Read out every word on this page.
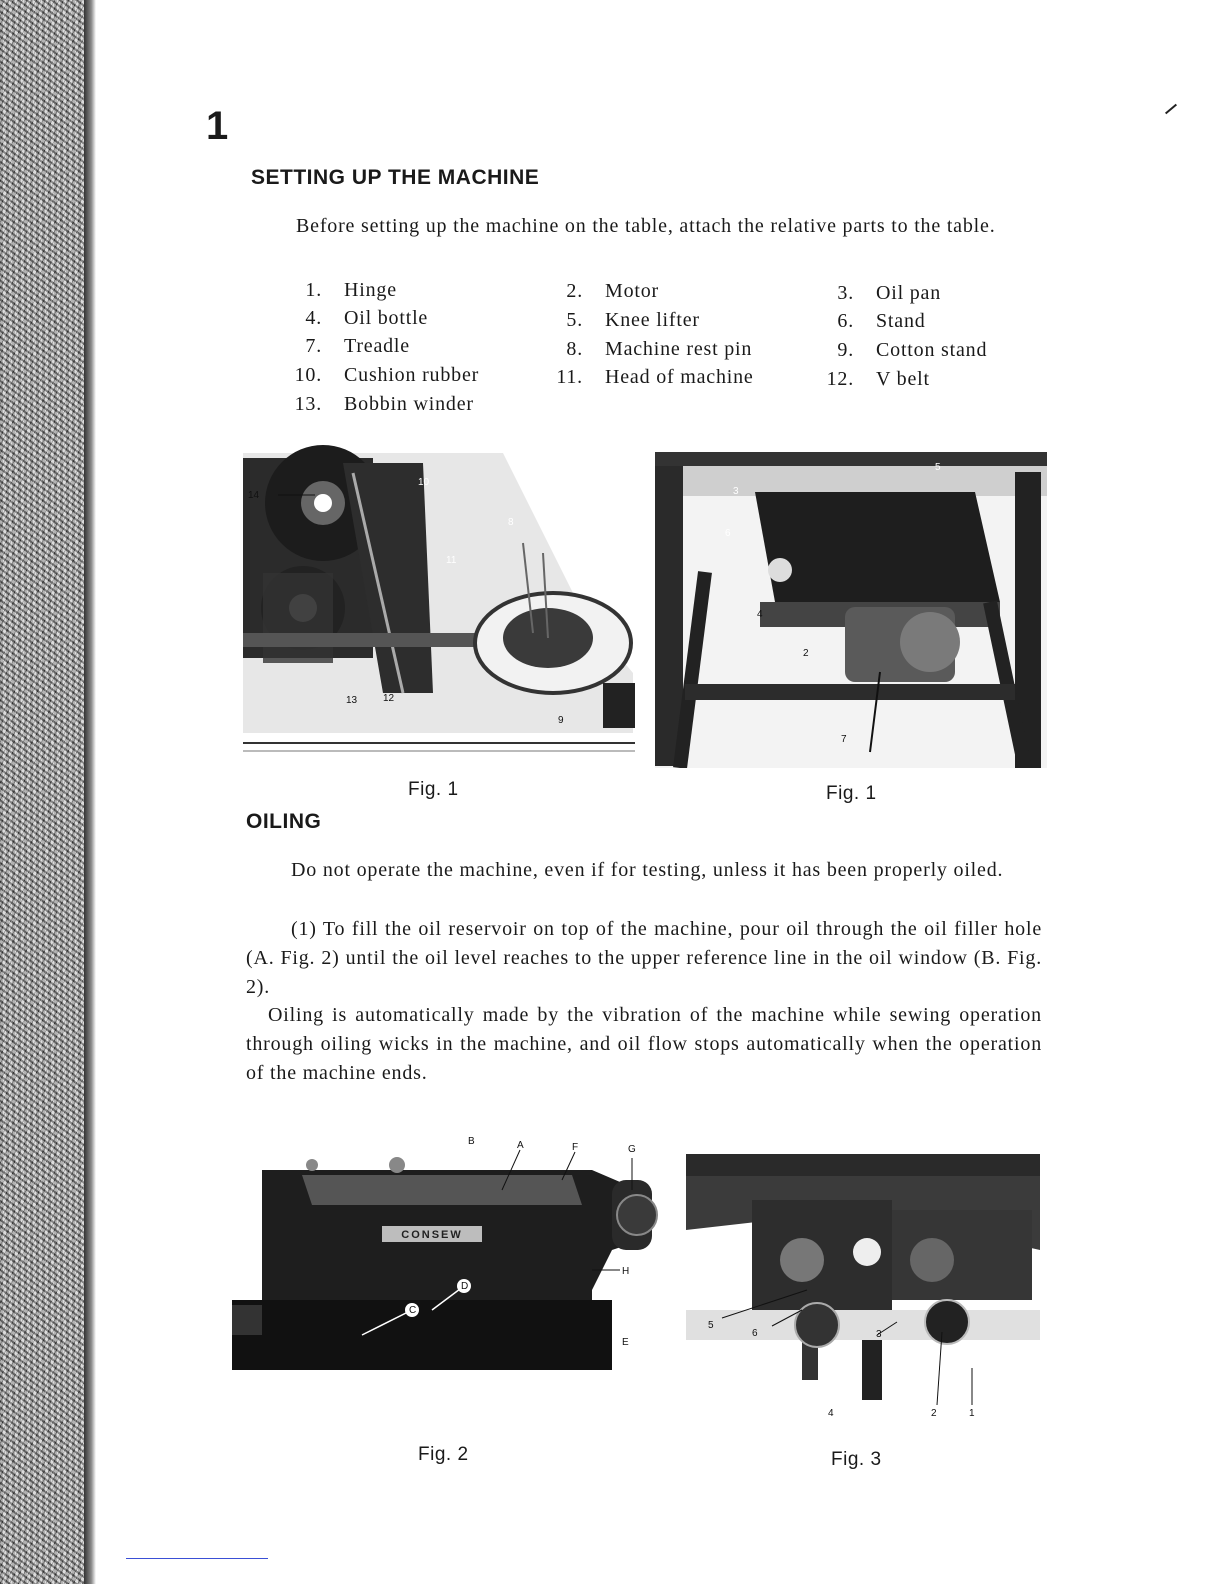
1
SETTING UP THE MACHINE
Before setting up the machine on the table, attach the relative parts to the table.
1. Hinge
4. Oil bottle
7. Treadle
10. Cushion rubber
13. Bobbin winder
2. Motor
5. Knee lifter
8. Machine rest pin
11. Head of machine
3. Oil pan
6. Stand
9. Cotton stand
12. V belt
14
10
11
8
13	12
9
Fig. 1
5
3
6
4
2
7
Fig. 1
OILING
Do not operate the machine, even if for testing, unless it has been properly oiled.
(1) To fill the oil reservoir on top of the machine, pour oil through the oil filler hole (A. Fig. 2) until the oil level reaches to the upper reference line in the oil window (B. Fig. 2).
Oiling is automatically made by the vibration of the machine while sewing operation through oiling wicks in the machine, and oil flow stops automatically when the operation of the machine ends.
CONSEW
B	A	F	G
H
E
C
D
Fig. 2
5
6	3
4	2	1
Fig. 3
